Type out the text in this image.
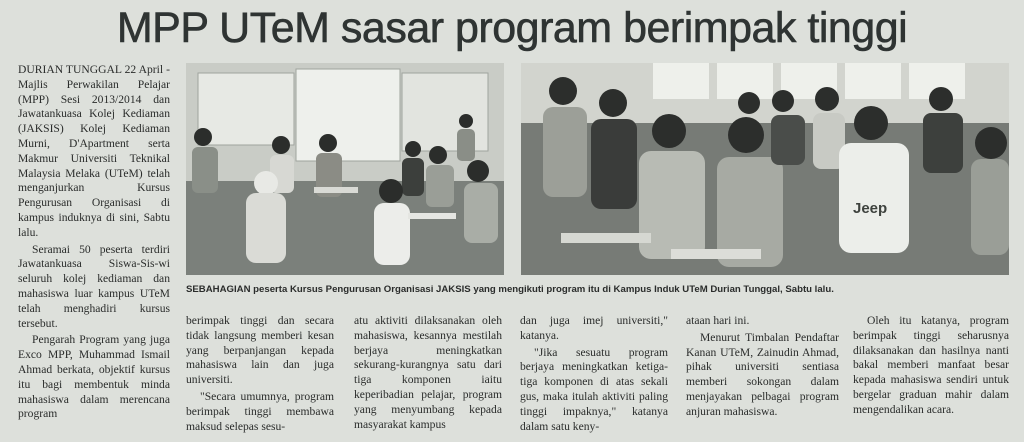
MPP UTeM sasar program berimpak tinggi

DURIAN TUNGGAL 22 April - Majlis Perwakilan Pelajar (MPP) Sesi 2013/2014 dan Jawatankuasa Kolej Kediaman (JAKSIS) Kolej Kediaman Murni, D'Apartment serta Makmur Universiti Teknikal Malaysia Melaka (UTeM) telah menganjurkan Kursus Pengurusan Organisasi di kampus induknya di sini, Sabtu lalu.

Seramai 50 peserta terdiri Jawatankuasa Siswa-Sis-wi seluruh kolej kediaman dan mahasiswa luar kampus UTeM telah menghadiri kursus tersebut.

Pengarah Program yang juga Exco MPP, Muhammad Ismail Ahmad berkata, objektif kursus itu bagi membentuk minda mahasiswa dalam merencana program

Jeep
SEBAHAGIAN peserta Kursus Pengurusan Organisasi JAKSIS yang mengikuti program itu di Kampus Induk UTeM Durian Tunggal, Sabtu lalu.

berimpak tinggi dan secara tidak langsung memberi kesan yang berpanjangan kepada mahasiswa lain dan juga universiti.

"Secara umumnya, program berimpak tinggi membawa maksud selepas sesu-

atu aktiviti dilaksanakan oleh mahasiswa, kesannya mestilah berjaya meningkatkan sekurang-kurangnya satu dari tiga komponen iaitu keperibadian pelajar, program yang menyumbang kepada masyarakat kampus

dan juga imej universiti," katanya.

"Jika sesuatu program berjaya meningkatkan ketiga-tiga komponen di atas sekali gus, maka itulah aktiviti paling tinggi impaknya," katanya dalam satu keny-

ataan hari ini.

Menurut Timbalan Pendaftar Kanan UTeM, Zainudin Ahmad, pihak universiti sentiasa memberi sokongan dalam menjayakan pelbagai program anjuran mahasiswa.

Oleh itu katanya, program berimpak tinggi seharusnya dilaksanakan dan hasilnya nanti bakal memberi manfaat besar kepada mahasiswa sendiri untuk bergelar graduan mahir dalam mengendalikan acara.
